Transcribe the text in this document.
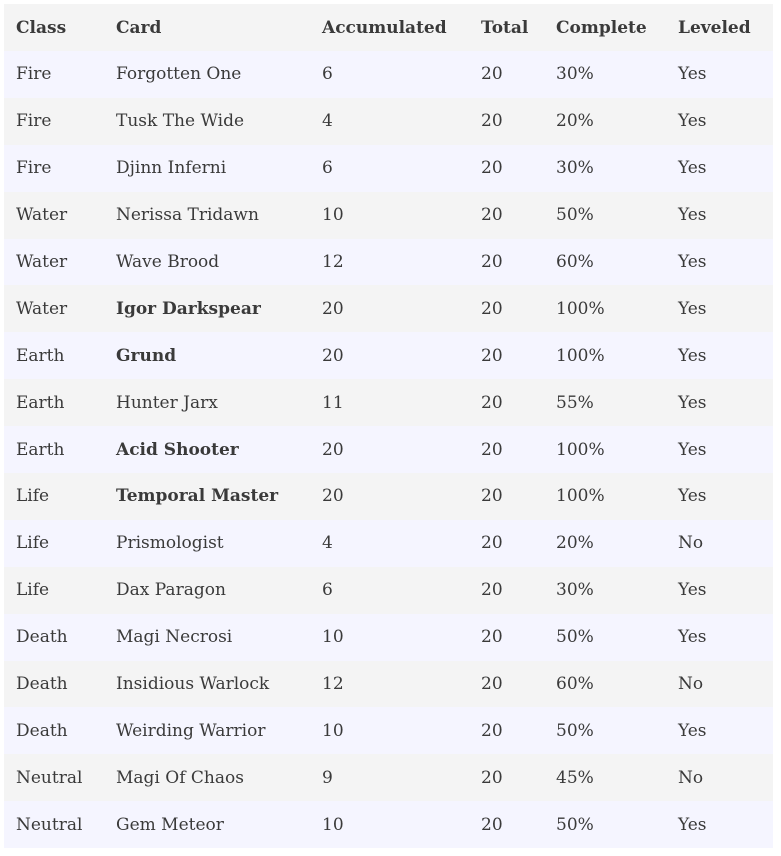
Class	Card	Accumulated	Total	Complete	Leveled
Fire	Forgotten One	6	20	30%	Yes
Fire	Tusk The Wide	4	20	20%	Yes
Fire	Djinn Inferni	6	20	30%	Yes
Water	Nerissa Tridawn	10	20	50%	Yes
Water	Wave Brood	12	20	60%	Yes
Water	Igor Darkspear	20	20	100%	Yes
Earth	Grund	20	20	100%	Yes
Earth	Hunter Jarx	11	20	55%	Yes
Earth	Acid Shooter	20	20	100%	Yes
Life	Temporal Master	20	20	100%	Yes
Life	Prismologist	4	20	20%	No
Life	Dax Paragon	6	20	30%	Yes
Death	Magi Necrosi	10	20	50%	Yes
Death	Insidious Warlock	12	20	60%	No
Death	Weirding Warrior	10	20	50%	Yes
Neutral	Magi Of Chaos	9	20	45%	No
Neutral	Gem Meteor	10	20	50%	Yes
